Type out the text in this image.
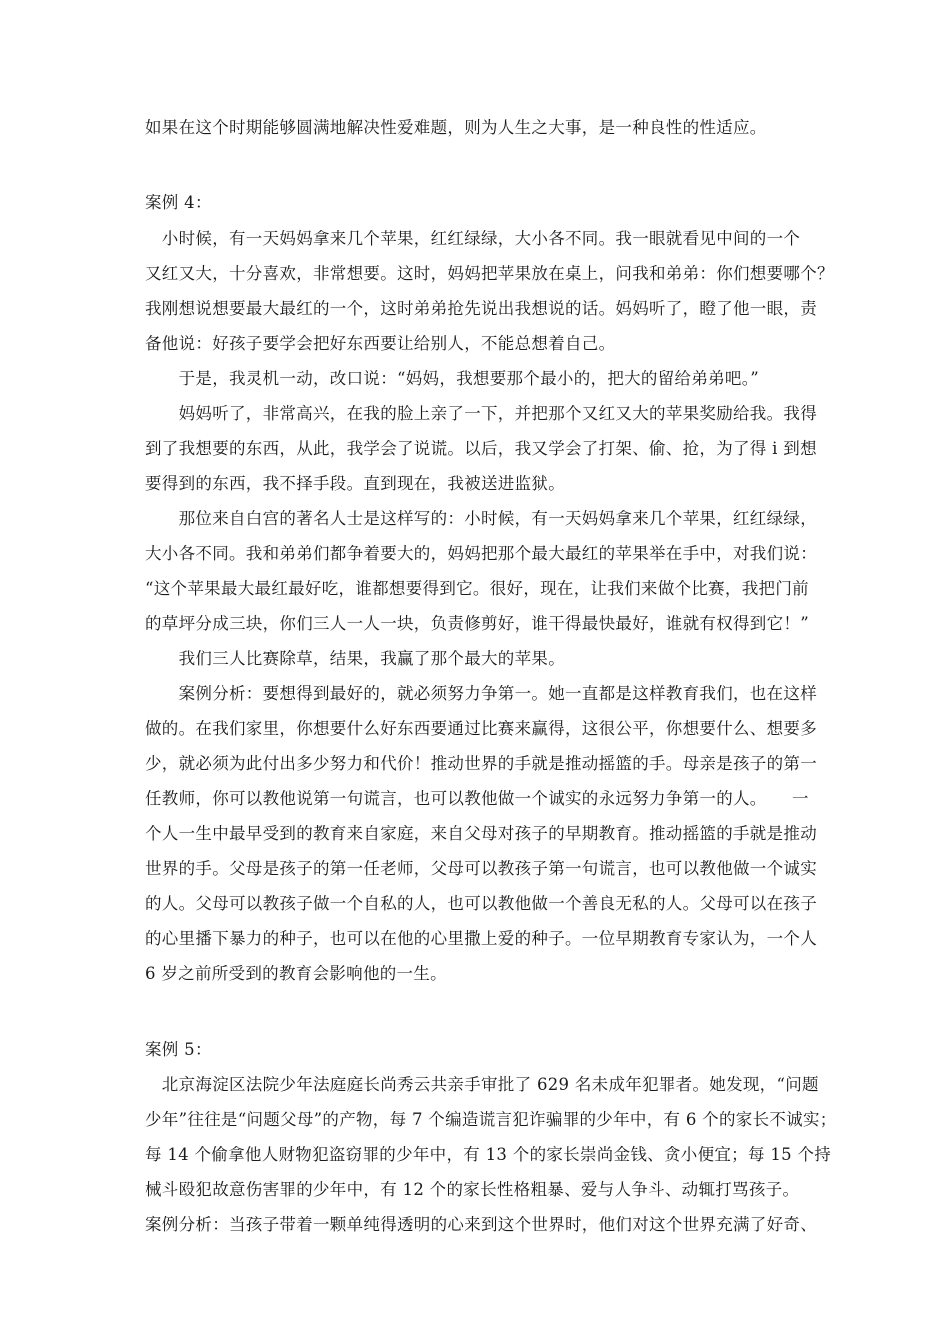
如果在这个时期能够圆满地解决性爱难题，则为人生之大事，是一种良性的性适应。
案例 4：
　小时候，有一天妈妈拿来几个苹果，红红绿绿，大小各不同。我一眼就看见中间的一个
又红又大，十分喜欢，非常想要。这时，妈妈把苹果放在桌上，问我和弟弟：你们想要哪个？
我刚想说想要最大最红的一个，这时弟弟抢先说出我想说的话。妈妈听了，瞪了他一眼，责
备他说：好孩子要学会把好东西要让给别人，不能总想着自己。
　　于是，我灵机一动，改口说：“妈妈，我想要那个最小的，把大的留给弟弟吧。”
　　妈妈听了，非常高兴，在我的脸上亲了一下，并把那个又红又大的苹果奖励给我。我得
到了我想要的东西，从此，我学会了说谎。以后，我又学会了打架、偷、抢，为了得 i 到想
要得到的东西，我不择手段。直到现在，我被送进监狱。
　　那位来自白宫的著名人士是这样写的：小时候，有一天妈妈拿来几个苹果，红红绿绿，
大小各不同。我和弟弟们都争着要大的，妈妈把那个最大最红的苹果举在手中，对我们说：
“这个苹果最大最红最好吃，谁都想要得到它。很好，现在，让我们来做个比赛，我把门前
的草坪分成三块，你们三人一人一块，负责修剪好，谁干得最快最好，谁就有权得到它！”
　　我们三人比赛除草，结果，我赢了那个最大的苹果。
　　案例分析：要想得到最好的，就必须努力争第一。她一直都是这样教育我们，也在这样
做的。在我们家里，你想要什么好东西要通过比赛来赢得，这很公平，你想要什么、想要多
少，就必须为此付出多少努力和代价！推动世界的手就是推动摇篮的手。母亲是孩子的第一
任教师，你可以教他说第一句谎言，也可以教他做一个诚实的永远努力争第一的人。　　一
个人一生中最早受到的教育来自家庭，来自父母对孩子的早期教育。推动摇篮的手就是推动
世界的手。父母是孩子的第一任老师，父母可以教孩子第一句谎言，也可以教他做一个诚实
的人。父母可以教孩子做一个自私的人，也可以教他做一个善良无私的人。父母可以在孩子
的心里播下暴力的种子，也可以在他的心里撒上爱的种子。一位早期教育专家认为，一个人
6 岁之前所受到的教育会影响他的一生。
案例 5：
　北京海淀区法院少年法庭庭长尚秀云共亲手审批了 629 名未成年犯罪者。她发现，“问题
少年”往往是“问题父母”的产物，每 7 个编造谎言犯诈骗罪的少年中，有 6 个的家长不诚实；
每 14 个偷拿他人财物犯盗窃罪的少年中，有 13 个的家长崇尚金钱、贪小便宜；每 15 个持
械斗殴犯故意伤害罪的少年中，有 12 个的家长性格粗暴、爱与人争斗、动辄打骂孩子。
案例分析：当孩子带着一颗单纯得透明的心来到这个世界时，他们对这个世界充满了好奇、
